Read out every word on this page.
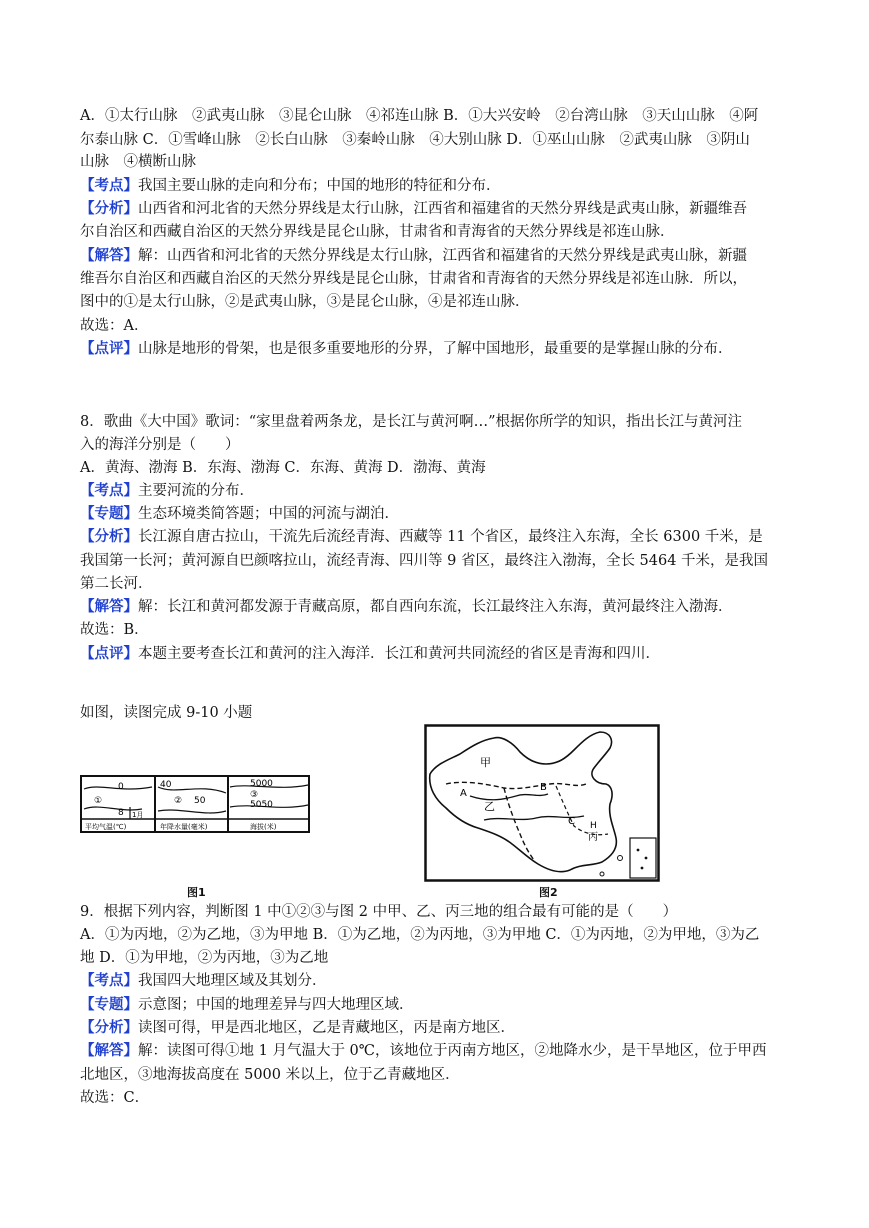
A．①太行山脉　②武夷山脉　③昆仑山脉　④祁连山脉 B．①大兴安岭　②台湾山脉　③天山山脉　④阿
尔泰山脉 C．①雪峰山脉　②长白山脉　③秦岭山脉　④大别山脉 D．①巫山山脉　②武夷山脉　③阴山
山脉　④横断山脉
【考点】我国主要山脉的走向和分布；中国的地形的特征和分布．
【分析】山西省和河北省的天然分界线是太行山脉，江西省和福建省的天然分界线是武夷山脉，新疆维吾
尔自治区和西藏自治区的天然分界线是昆仑山脉，甘肃省和青海省的天然分界线是祁连山脉．
【解答】解：山西省和河北省的天然分界线是太行山脉，江西省和福建省的天然分界线是武夷山脉，新疆
维吾尔自治区和西藏自治区的天然分界线是昆仑山脉，甘肃省和青海省的天然分界线是祁连山脉．所以，
图中的①是太行山脉，②是武夷山脉，③是昆仑山脉，④是祁连山脉．
故选：A．
【点评】山脉是地形的骨架，也是很多重要地形的分界，了解中国地形，最重要的是掌握山脉的分布．
8．歌曲《大中国》歌词：“家里盘着两条龙，是长江与黄河啊…”根据你所学的知识，指出长江与黄河注
入的海洋分别是（　　）
A．黄海、渤海 B．东海、渤海 C．东海、黄海 D．渤海、黄海
【考点】主要河流的分布．
【专题】生态环境类简答题；中国的河流与湖泊．
【分析】长江源自唐古拉山，干流先后流经青海、西藏等 11 个省区，最终注入东海，全长 6300 千米，是
我国第一长河；黄河源自巴颜喀拉山，流经青海、四川等 9 省区，最终注入渤海，全长 5464 千米，是我国
第二长河．
【解答】解：长江和黄河都发源于青藏高原，都自西向东流，长江最终注入东海，黄河最终注入渤海．
故选：B．
【点评】本题主要考查长江和黄河的注入海洋．长江和黄河共同流经的省区是青海和四川．
如图，读图完成 9-10 小题
0
8
①
1月
40
② 50
5000
③
5050
平均气温(℃)	年降水量(毫米)	海拔(米)
图1
甲
A
乙
B
C H
丙
图2
9．根据下列内容，判断图 1 中①②③与图 2 中甲、乙、丙三地的组合最有可能的是（　　）
A．①为丙地，②为乙地，③为甲地 B．①为乙地，②为丙地，③为甲地 C．①为丙地，②为甲地，③为乙
地 D．①为甲地，②为丙地，③为乙地
【考点】我国四大地理区域及其划分．
【专题】示意图；中国的地理差异与四大地理区域．
【分析】读图可得，甲是西北地区，乙是青藏地区，丙是南方地区．
【解答】解：读图可得①地 1 月气温大于 0℃，该地位于丙南方地区，②地降水少，是干旱地区，位于甲西
北地区，③地海拔高度在 5000 米以上，位于乙青藏地区．
故选：C．
